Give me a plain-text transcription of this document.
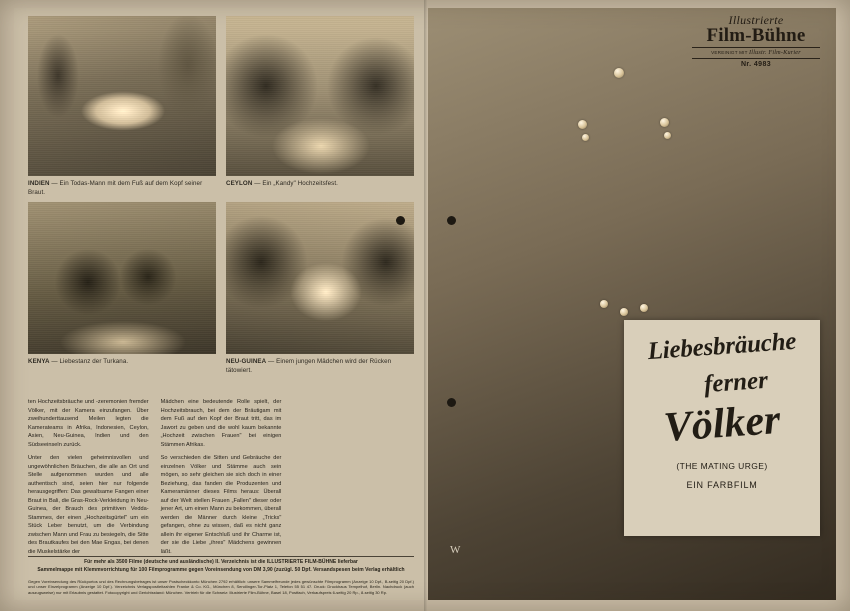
INDIEN — Ein Todas-Mann mit dem Fuß auf dem Kopf seiner Braut.
CEYLON — Ein „Kandy" Hochzeitsfest.
KENYA — Liebestanz der Turkana.	NEU-GUINEA — Einem jungen Mädchen wird der Rücken tätowiert.

ten Hochzeitsbräuche und -zeremonien fremder Völker, mit der Kamera einzufangen. Über zweihunderttausend Meilen legten die Kamerateams in Afrika, Indonesien, Ceylon, Asien, Neu-Guinea, Indien und den Südseeinseln zurück.

Unter den vielen geheimnisvollen und ungewöhnlichen Bräuchen, die alle an Ort und Stelle aufgenommen wurden und alle authentisch sind, seien hier nur folgende herausgegriffen: Das gewaltsame Fangen einer Braut in Bali, die Gras-Rock-Verkleidung in Neu-Guinea, der Brauch des primitiven Vedda-Stammes, der einen „Hochzeitsgürtel" um ein Stück Leber benutzt, um die Verbindung zwischen Mann und Frau zu besiegeln, die Sitte des Brautkaufes bei den Mae Engas, bei denen die Muskelstärke der

Mädchen eine bedeutende Rolle spielt, der Hochzeitsbrauch, bei dem der Bräutigam mit dem Fuß auf den Kopf der Braut tritt, das im Jawort zu geben und die wohl kaum bekannte „Hochzeit zwischen Frauen" bei einigen Stämmen Afrikas.

So verschieden die Sitten und Gebräuche der einzelnen Völker und Stämme auch sein mögen, so sehr gleichen sie sich doch in einer Beziehung, das fanden die Produzenten und Kameramänner dieses Films heraus: Überall auf der Welt stellen Frauen „Fallen" dieser oder jener Art, um einen Mann zu bekommen, überall werden die Männer durch kleine „Tricks" gefangen, ohne zu wissen, daß es nicht ganz allein ihr eigener Entschluß und ihr Charme ist, der sie die Liebe „ihres" Mädchens gewinnen läßt.

Für mehr als 3500 Filme (deutsche und ausländische) II. Verzeichnis ist die ILLUSTRIERTE FILM-BÜHNE lieferbar
Sammelmappe mit Klemmvorrichtung für 100 Filmprogramme gegen Voreinsendung von DM 3,90 (zuzügl. 50 Dpf. Versandspesen beim Verlag erhältlich
Gegen Voreinsendung des Rückportos und des Rechnungsbetrages ist unser Postscheckkonto München 2792 erhältlich: unsere Sammelfreunde jedes gewünschte Filmprogramm (Anzeige 10 Dpf., B-seitig 20 Dpf.) und unser Einzelprogramm (Anzeige 10 Dpf.). Verzeichnis Verlagspostleitzahlen Franke & Co. KG., München 8, Sendlinger-Tor-Platz 1, Telefon 55 51 47. Druck: Druckhaus Tempelhof, Berlin. Nachdruck (auch auszugsweise) nur mit Erlaubnis gestattet. Fotocopyright und Gerichtsstand: München. Vertrieb für die Schweiz: Illustrierte Film-Bühne, Basel 18, Postfach, Verkaufspreis 6-seitig 20 Rp., 8-seitig 30 Rp.
Illustrierte
Film-Bühne
VEREINIGT MIT Illustr. Film-Kurier
Nr. 4983
Liebesbräuche
ferner
Völker
(THE MATING URGE)
EIN FARBFILM
W
